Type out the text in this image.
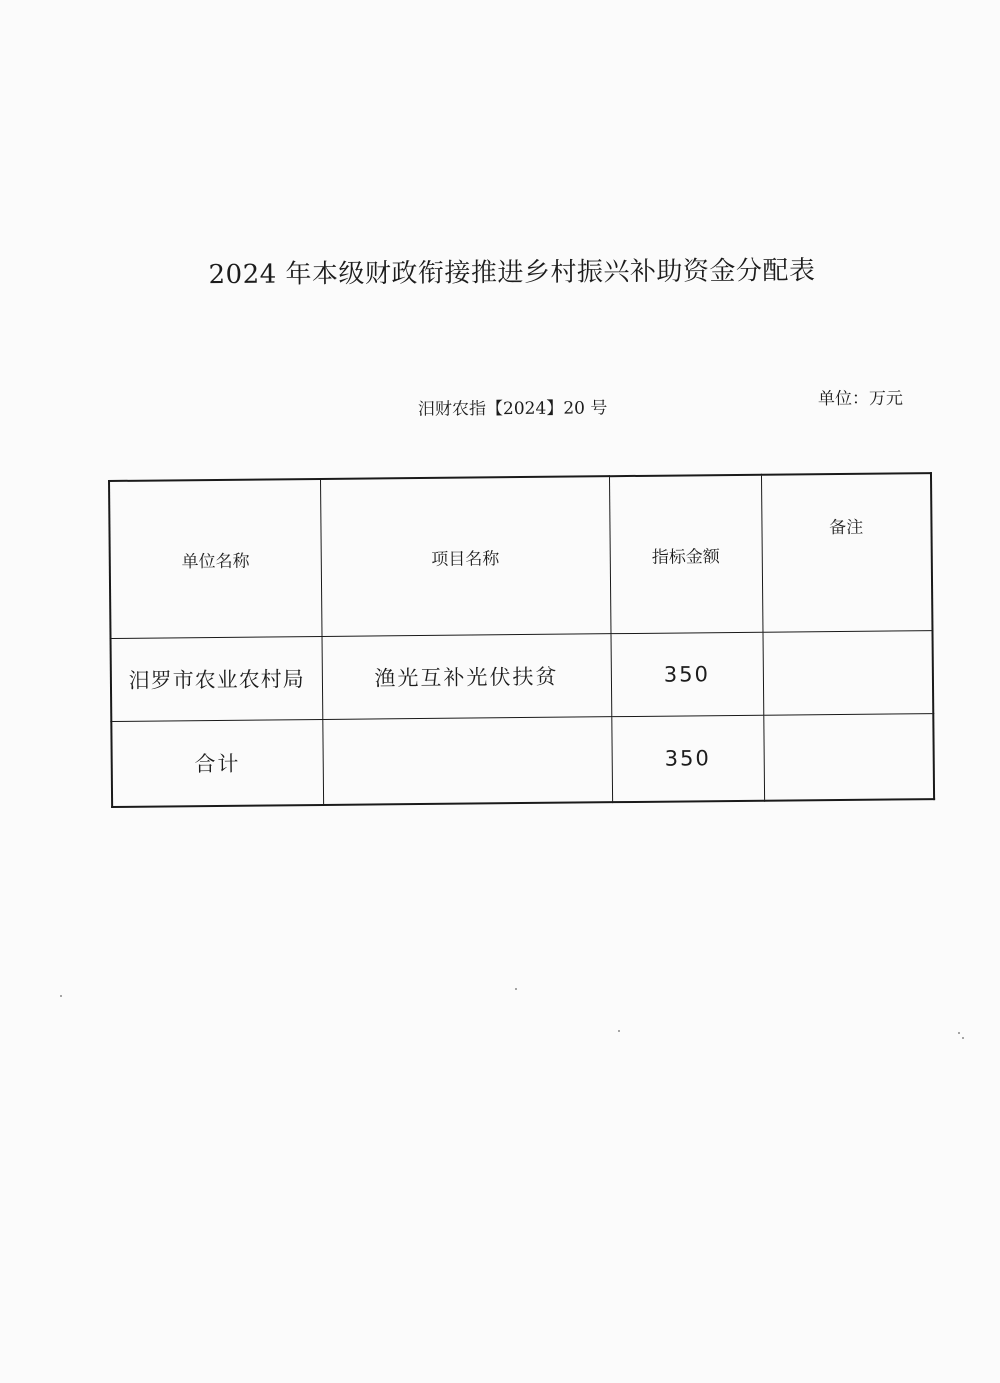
2024 年本级财政衔接推进乡村振兴补助资金分配表
汨财农指【2024】20 号	单位：万元
单位名称	项目名称	指标金额	备注
汨罗市农业农村局	渔光互补光伏扶贫	350	
合计		350	
